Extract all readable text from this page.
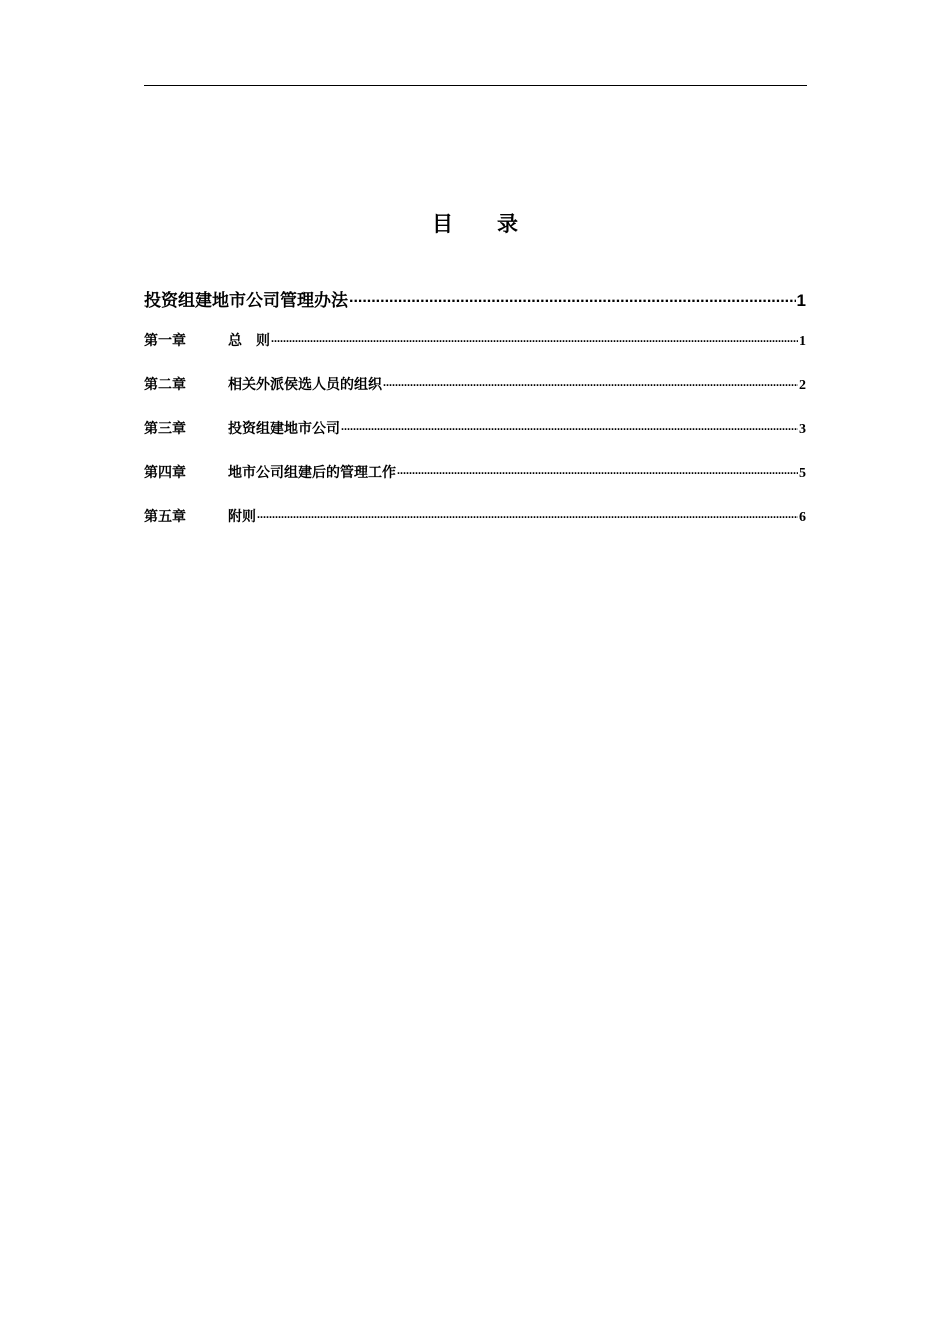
目 录
投资组建地市公司管理办法 .....	1
第一章	总　则 .....	1
第二章	相关外派侯选人员的组织 .....	2
第三章	投资组建地市公司 .....	3
第四章	地市公司组建后的管理工作 .....	5
第五章	附则 .....	6
